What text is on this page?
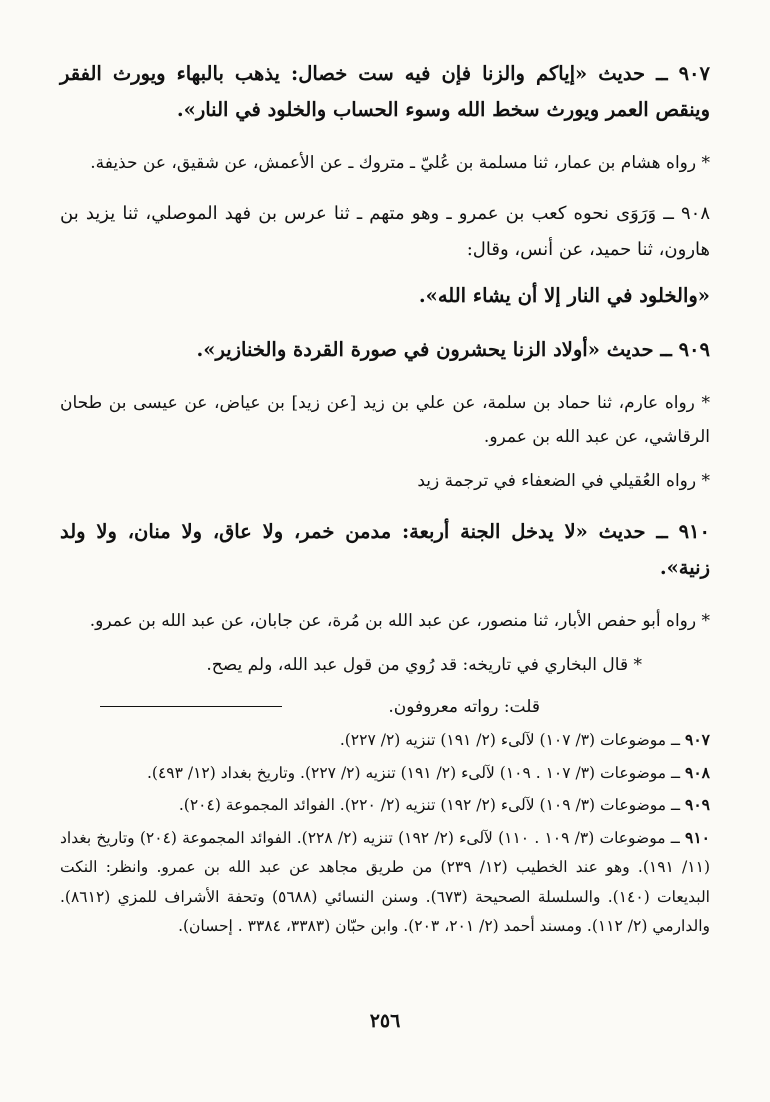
٩٠٧ ــ حديث «إياكم والزنا فإن فيه ست خصال: يذهب بالبهاء ويورث الفقر وينقص العمر ويورث سخط الله وسوء الحساب والخلود في النار».

* رواه هشام بن عمار، ثنا مسلمة بن عُليّ ـ متروك ـ عن الأعمش، عن شقيق، عن حذيفة.

٩٠٨ ــ وَرَوَى نحوه كعب بن عمرو ـ وهو متهم ـ ثنا عرس بن فهد الموصلي، ثنا يزيد بن هارون، ثنا حميد، عن أنس، وقال:

«والخلود في النار إلا أن يشاء الله».

٩٠٩ ــ حديث «أولاد الزنا يحشرون في صورة القردة والخنازير».

* رواه عارم، ثنا حماد بن سلمة، عن علي بن زيد [عن زيد] بن عياض، عن عيسى بن طحان الرقاشي، عن عبد الله بن عمرو.

* رواه العُقيلي في الضعفاء في ترجمة زيد

٩١٠ ــ حديث «لا يدخل الجنة أربعة: مدمن خمر، ولا عاق، ولا منان، ولا ولد زنية».

* رواه أبو حفص الأبار، ثنا منصور، عن عبد الله بن مُرة، عن جابان، عن عبد الله بن عمرو.

* قال البخاري في تاريخه: قد رُوي من قول عبد الله، ولم يصح.

قلت: رواته معروفون.

٩٠٧ ــ موضوعات (٣/ ١٠٧) لآلىء (٢/ ١٩١) تنزيه (٢/ ٢٢٧).

٩٠٨ ــ موضوعات (٣/ ١٠٧ . ١٠٩) لآلىء (٢/ ١٩١) تنزيه (٢/ ٢٢٧). وتاريخ بغداد (١٢/ ٤٩٣).

٩٠٩ ــ موضوعات (٣/ ١٠٩) لآلىء (٢/ ١٩٢) تنزيه (٢/ ٢٢٠). الفوائد المجموعة (٢٠٤).

٩١٠ ــ موضوعات (٣/ ١٠٩ . ١١٠) لآلىء (٢/ ١٩٢) تنزيه (٢/ ٢٢٨). الفوائد المجموعة (٢٠٤) وتاريخ بغداد (١١/ ١٩١). وهو عند الخطيب (١٢/ ٢٣٩) من طريق مجاهد عن عبد الله بن عمرو. وانظر: النكت البديعات (١٤٠). والسلسلة الصحيحة (٦٧٣). وسنن النسائي (٥٦٨٨) وتحفة الأشراف للمزي (٨٦١٢). والدارمي (٢/ ١١٢). ومسند أحمد (٢/ ٢٠١، ٢٠٣). وابن حبّان (٣٣٨٣، ٣٣٨٤ . إحسان).

٢٥٦
